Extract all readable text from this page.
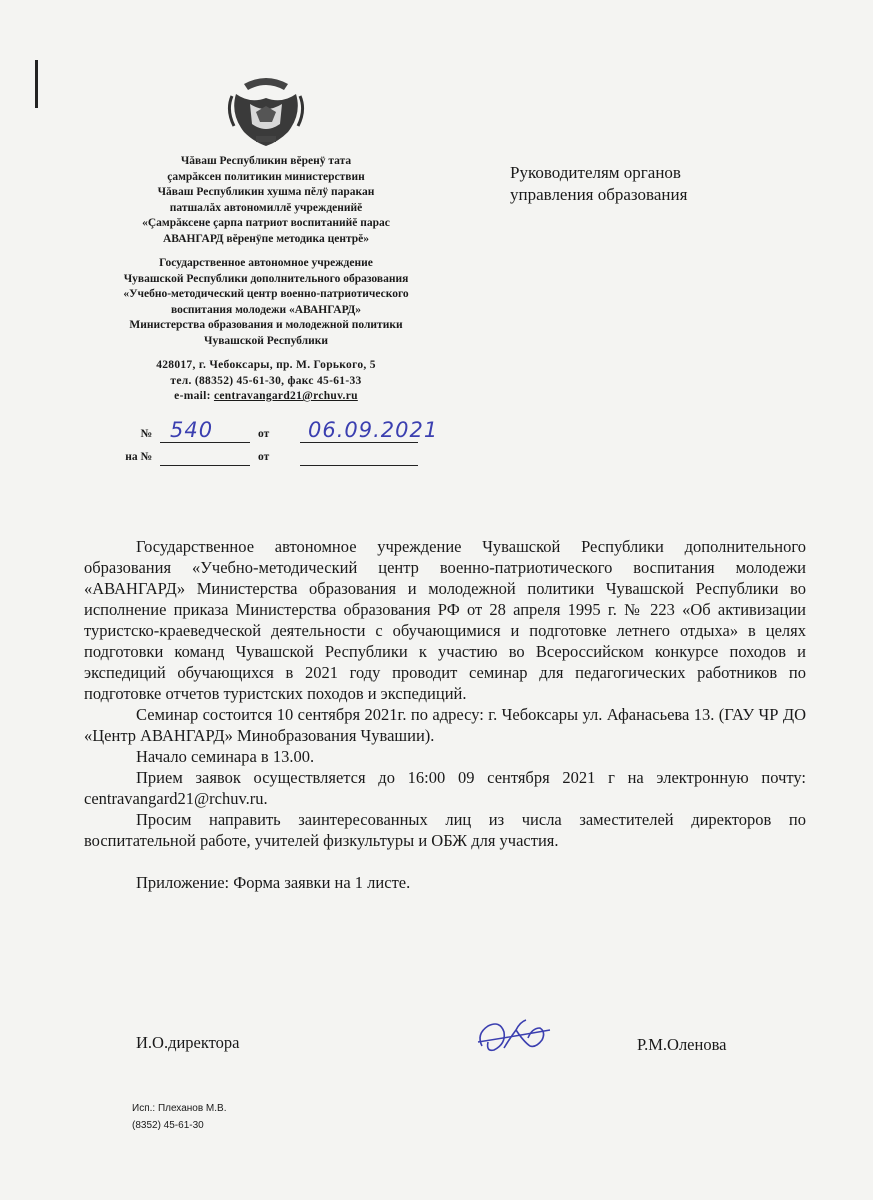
Чăваш Республикин вĕренÿ тата
çамрăксен политикин министерствин
Чăваш Республикин хушма пĕлÿ паракан
патшалăх автономиллĕ учрежденийĕ
«Çамрăксене çарпа патриот воспитанийĕ парас
АВАНГАРД вĕренÿпе методика центрĕ»
Государственное автономное учреждение
Чувашской Республики дополнительного образования
«Учебно-методический центр военно-патриотического
воспитания молодежи «АВАНГАРД»
Министерства образования и молодежной политики
Чувашской Республики
428017, г. Чебоксары, пр. М. Горького, 5
тел. (88352) 45-61-30, факс 45-61-33
e-mail: centravangard21@rchuv.ru
Руководителям органов
управления образования
№ 540	от 06.09.2021
на №	от

Государственное автономное учреждение Чувашской Республики дополнительного образования «Учебно-методический центр военно-патриотического воспитания молодежи «АВАНГАРД» Министерства образования и молодежной политики Чувашской Республики во исполнение приказа Министерства образования РФ от 28 апреля 1995 г. № 223 «Об активизации туристско-краеведческой деятельности с обучающимися и подготовке летнего отдыха» в целях подготовки команд Чувашской Республики к участию во Всероссийском конкурсе походов и экспедиций обучающихся в 2021 году проводит семинар для педагогических работников по подготовке отчетов туристских походов и экспедиций.

Семинар состоится 10 сентября 2021г. по адресу: г. Чебоксары ул. Афанасьева 13. (ГАУ ЧР ДО «Центр АВАНГАРД» Минобразования Чувашии).

Начало семинара в 13.00.

Прием заявок осуществляется до 16:00 09 сентября 2021 г на электронную почту: centravangard21@rchuv.ru.

Просим направить заинтересованных лиц из числа заместителей директоров по воспитательной работе, учителей физкультуры и ОБЖ для участия.

Приложение: Форма заявки на 1 листе.

И.О.директора	Р.М.Оленова
Исп.: Плеханов М.В.
(8352) 45-61-30
